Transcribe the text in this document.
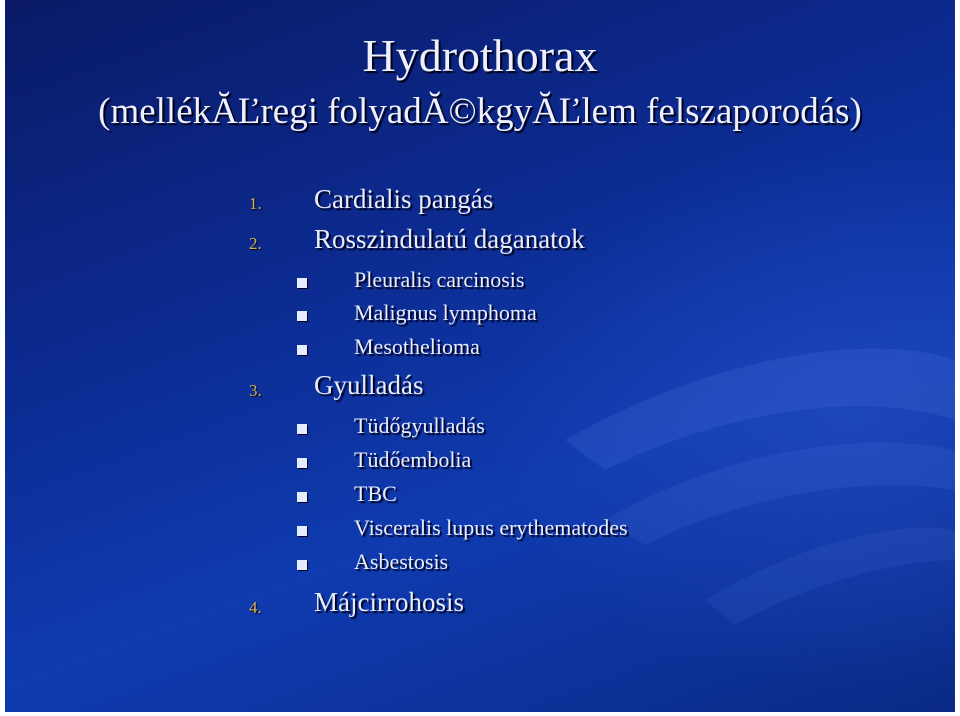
Hydrothorax
(mellékĂĽregi folyadĂ©kgyĂĽlem felszaporodás)
1. Cardialis pangás
2. Rosszindulatú daganatok
Pleuralis carcinosis
Malignus lymphoma
Mesothelioma
3. Gyulladás
Tüdőgyulladás
Tüdőembolia
TBC
Visceralis lupus erythematodes
Asbestosis
4. Májcirrohosis
